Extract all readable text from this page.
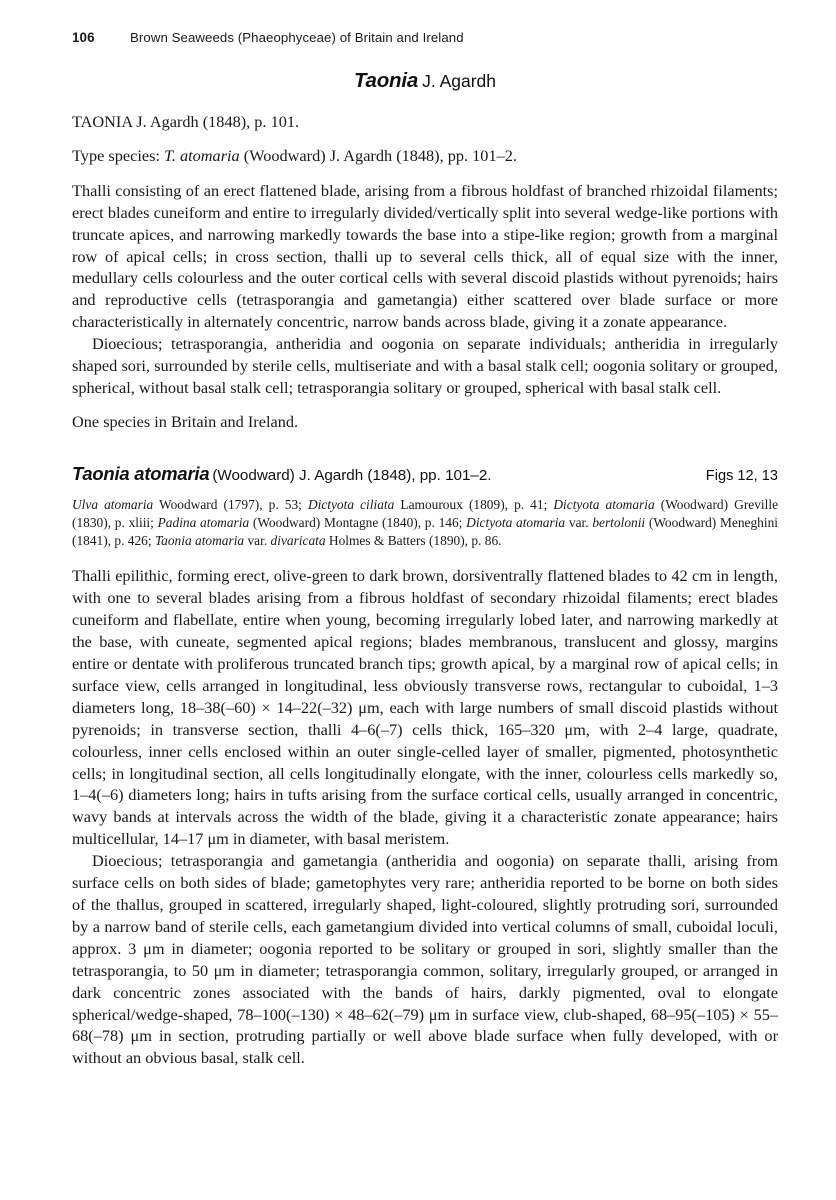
106	Brown Seaweeds (Phaeophyceae) of Britain and Ireland
Taonia J. Agardh

TAONIA J. Agardh (1848), p. 101.

Type species: T. atomaria (Woodward) J. Agardh (1848), pp. 101–2.

Thalli consisting of an erect flattened blade, arising from a fibrous holdfast of branched rhizoidal filaments; erect blades cuneiform and entire to irregularly divided/vertically split into several wedge-like portions with truncate apices, and narrowing markedly towards the base into a stipe-like region; growth from a marginal row of apical cells; in cross section, thalli up to several cells thick, all of equal size with the inner, medullary cells colourless and the outer cortical cells with several discoid plastids without pyrenoids; hairs and reproductive cells (tetrasporangia and gametangia) either scattered over blade surface or more characteristically in alternately concentric, narrow bands across blade, giving it a zonate appearance.

Dioecious; tetrasporangia, antheridia and oogonia on separate individuals; antheridia in irregularly shaped sori, surrounded by sterile cells, multiseriate and with a basal stalk cell; oogonia solitary or grouped, spherical, without basal stalk cell; tetrasporangia solitary or grouped, spherical with basal stalk cell.

One species in Britain and Ireland.

Taonia atomaria (Woodward) J. Agardh (1848), pp. 101–2.	Figs 12, 13

Ulva atomaria Woodward (1797), p. 53; Dictyota ciliata Lamouroux (1809), p. 41; Dictyota atomaria (Woodward) Greville (1830), p. xliii; Padina atomaria (Woodward) Montagne (1840), p. 146; Dictyota atomaria var. bertolonii (Woodward) Meneghini (1841), p. 426; Taonia atomaria var. divaricata Holmes & Batters (1890), p. 86.

Thalli epilithic, forming erect, olive-green to dark brown, dorsiventrally flattened blades to 42 cm in length, with one to several blades arising from a fibrous holdfast of secondary rhizoidal filaments; erect blades cuneiform and flabellate, entire when young, becoming irregularly lobed later, and narrowing markedly at the base, with cuneate, segmented apical regions; blades membranous, translucent and glossy, margins entire or dentate with proliferous truncated branch tips; growth apical, by a marginal row of apical cells; in surface view, cells arranged in longitudinal, less obviously transverse rows, rectangular to cuboidal, 1–3 diameters long, 18–38(–60) × 14–22(–32) μm, each with large numbers of small discoid plastids without pyrenoids; in transverse section, thalli 4–6(–7) cells thick, 165–320 μm, with 2–4 large, quadrate, colourless, inner cells enclosed within an outer single-celled layer of smaller, pigmented, photosynthetic cells; in longitudinal section, all cells longitudinally elongate, with the inner, colourless cells markedly so, 1–4(–6) diameters long; hairs in tufts arising from the surface cortical cells, usually arranged in concentric, wavy bands at intervals across the width of the blade, giving it a characteristic zonate appearance; hairs multicellular, 14–17 μm in diameter, with basal meristem.

Dioecious; tetrasporangia and gametangia (antheridia and oogonia) on separate thalli, arising from surface cells on both sides of blade; gametophytes very rare; antheridia reported to be borne on both sides of the thallus, grouped in scattered, irregularly shaped, light-coloured, slightly protruding sori, surrounded by a narrow band of sterile cells, each gametangium divided into vertical columns of small, cuboidal loculi, approx. 3 μm in diameter; oogonia reported to be solitary or grouped in sori, slightly smaller than the tetrasporangia, to 50 μm in diameter; tetrasporangia common, solitary, irregularly grouped, or arranged in dark concentric zones associated with the bands of hairs, darkly pigmented, oval to elongate spherical/wedge-shaped, 78–100(–130) × 48–62(–79) μm in surface view, club-shaped, 68–95(–105) × 55–68(–78) μm in section, protruding partially or well above blade surface when fully developed, with or without an obvious basal, stalk cell.
